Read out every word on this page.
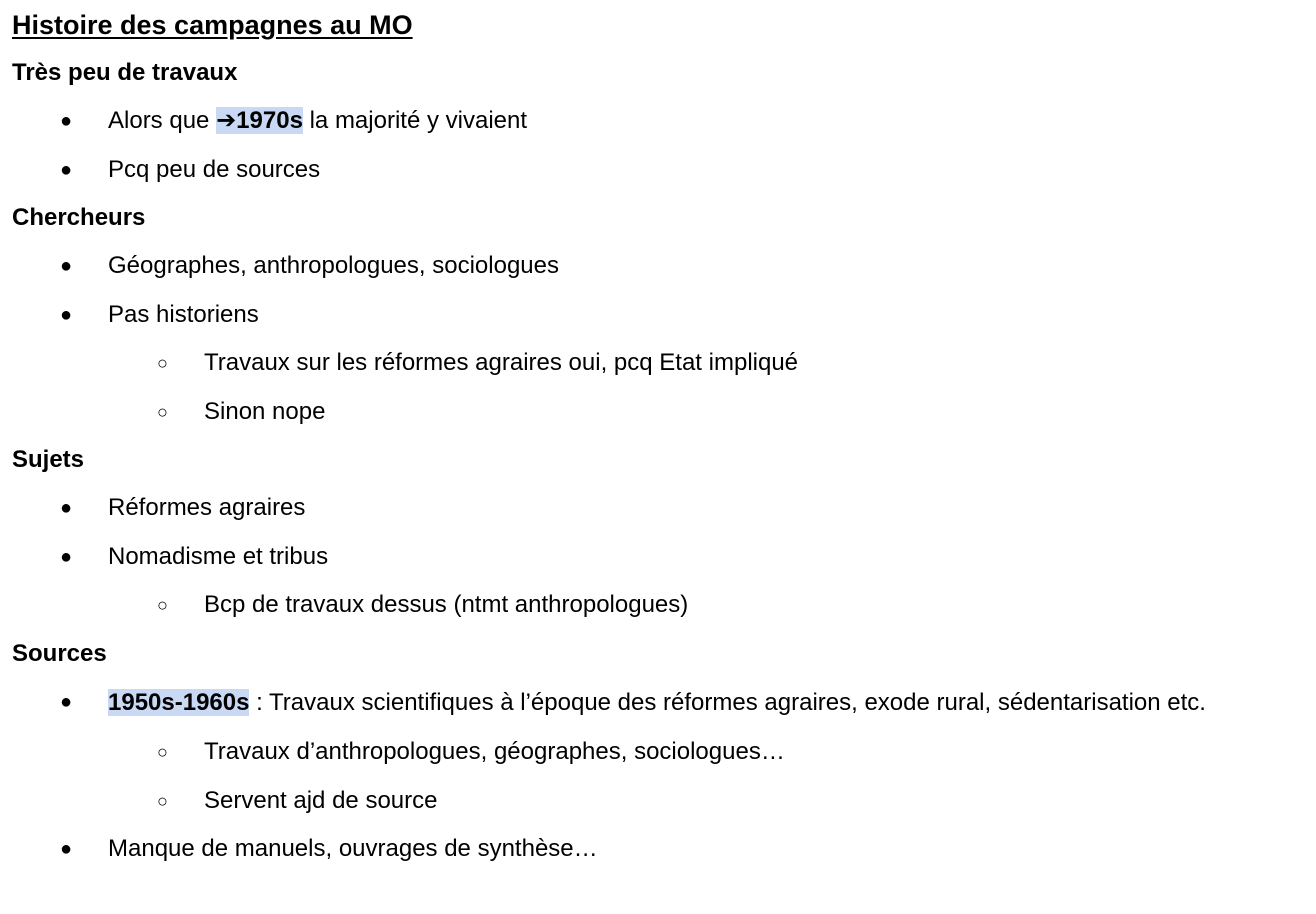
Histoire des campagnes au MO
Très peu de travaux
● Alors que ➔1970s la majorité y vivaient
● Pcq peu de sources
Chercheurs
● Géographes, anthropologues, sociologues
● Pas historiens
○ Travaux sur les réformes agraires oui, pcq Etat impliqué
○ Sinon nope
Sujets
● Réformes agraires
● Nomadisme et tribus
○ Bcp de travaux dessus (ntmt anthropologues)
Sources
● 1950s-1960s : Travaux scientifiques à l’époque des réformes agraires, exode rural, sédentarisation etc.
○ Travaux d’anthropologues, géographes, sociologues…
○ Servent ajd de source
● Manque de manuels, ouvrages de synthèse…
